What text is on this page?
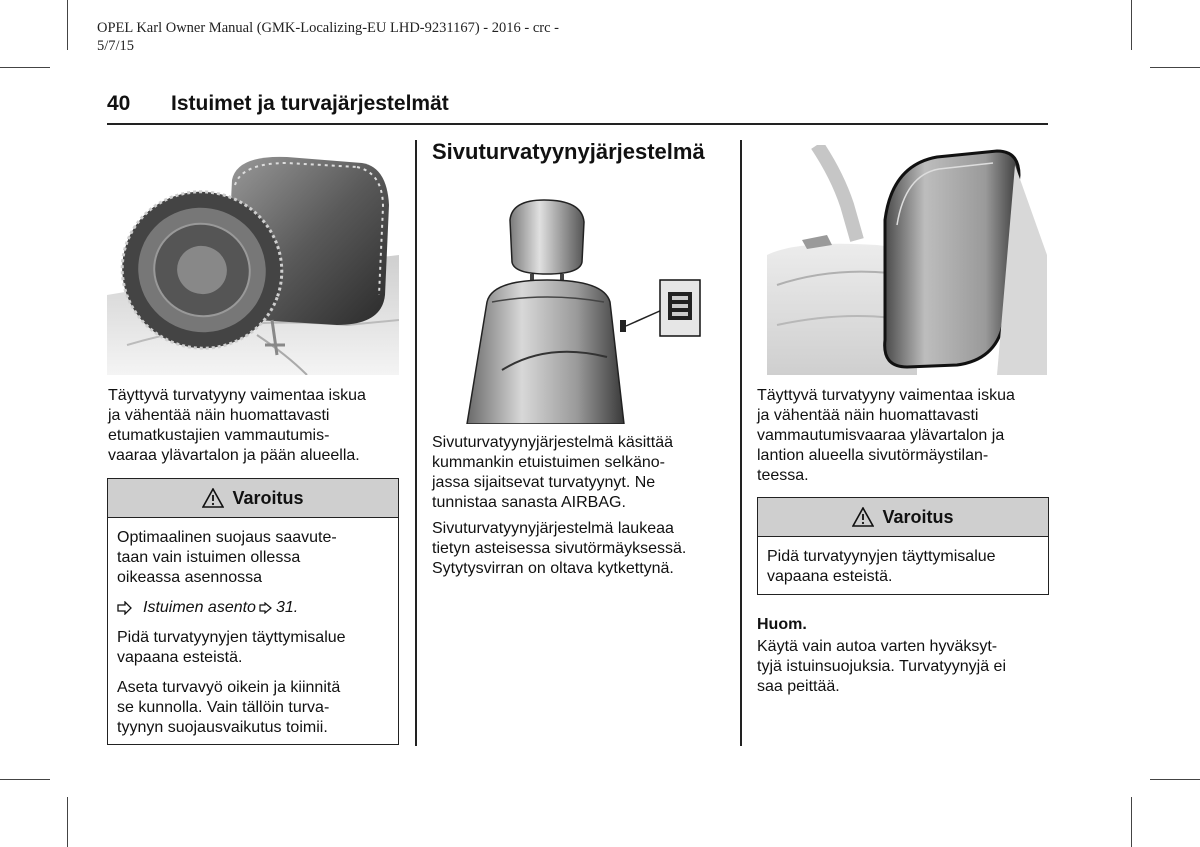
OPEL Karl Owner Manual (GMK-Localizing-EU LHD-9231167) - 2016 - crc -
5/7/15
40 Istuimet ja turvajärjestelmät
Täyttyvä turvatyyny vaimentaa iskua
ja vähentää näin huomattavasti
etumatkustajien vammautumis-
vaaraa ylävartalon ja pään alueella.
Varoitus

Optimaalinen suojaus saavute-
taan vain istuimen ollessa
oikeassa asennossa

Istuimen asento 31 .

Pidä turvatyynyjen täyttymisalue
vapaana esteistä.

Aseta turvavyö oikein ja kiinnitä
se kunnolla. Vain tällöin turva-
tyynyn suojausvaikutus toimii.

Sivuturvatyynyjärjestelmä
Sivuturvatyynyjärjestelmä käsittää
kummankin etuistuimen selkäno-
jassa sijaitsevat turvatyynyt. Ne
tunnistaa sanasta AIRBAG.
Sivuturvatyynyjärjestelmä laukeaa
tietyn asteisessa sivutörmäyksessä.
Sytytysvirran on oltava kytkettynä.
Täyttyvä turvatyyny vaimentaa iskua
ja vähentää näin huomattavasti
vammautumisvaaraa ylävartalon ja
lantion alueella sivutörmäystilan-
teessa.
Varoitus

Pidä turvatyynyjen täyttymisalue
vapaana esteistä.

Huom.
Käytä vain autoa varten hyväksyt-
tyjä istuinsuojuksia. Turvatyynyjä ei
saa peittää.
